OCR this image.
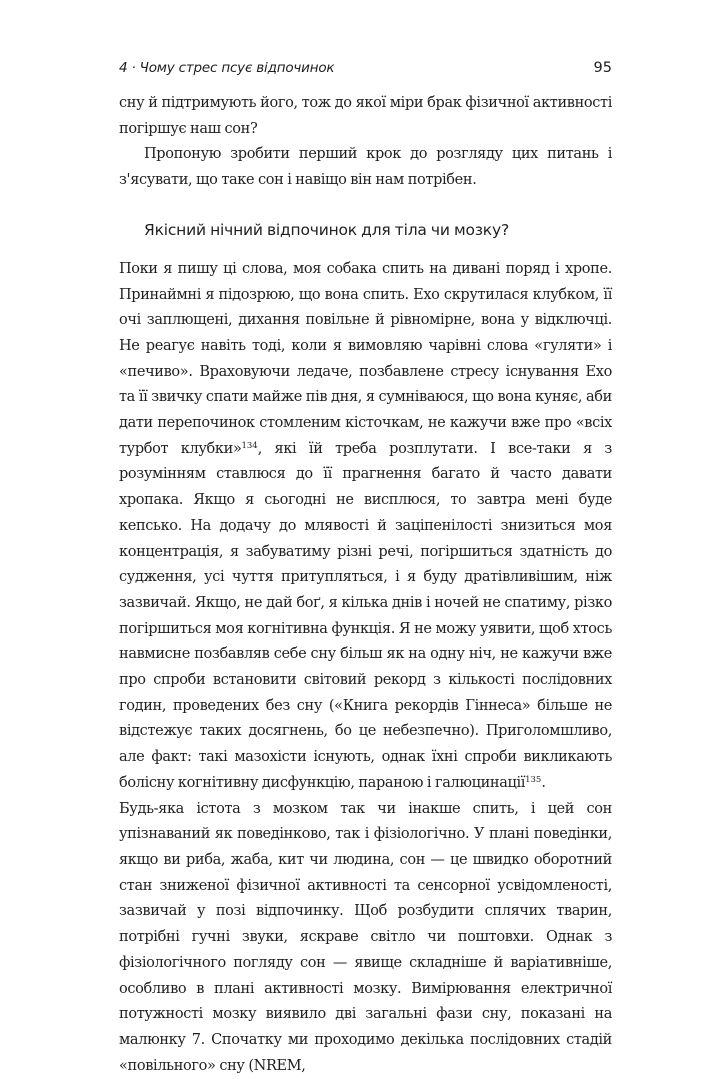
4 · Чому стрес псує відпочинок	95

сну й підтримують його, тож до якої міри брак фізичної активності погіршує наш сон?

Пропоную зробити перший крок до розгляду цих питань і з'ясувати, що таке сон і навіщо він нам потрібен.

Якісний нічний відпочинок для тіла чи мозку?

Поки я пишу ці слова, моя собака спить на дивані поряд і хропе. Принаймні я підозрюю, що вона спить. Ехо скрутилася клубком, її очі заплющені, дихання повільне й рівномірне, вона у відключці. Не реагує навіть тоді, коли я вимовляю чарівні слова «гуляти» і «печиво». Враховуючи ледаче, позбавлене стресу існування Ехо та її звичку спати майже пів дня, я сумніваюся, що вона куняє, аби дати перепочинок стомленим кісточкам, не кажучи вже про «всіх турбот клубки»$^{134}$, які їй треба розплутати. І все-таки я з розумінням ставлюся до її прагнення багато й часто давати хропака. Якщо я сьогодні не висплюся, то завтра мені буде кепсько. На додачу до млявості й заціпенілості знизиться моя концентрація, я забуватиму різні речі, погіршиться здатність до судження, усі чуття притупляться, і я буду дратівливішим, ніж зазвичай. Якщо, не дай боґ, я кілька днів і ночей не спатиму, різко погіршиться моя когнітивна функція. Я не можу уявити, щоб хтось навмисне позбавляв себе сну більш як на одну ніч, не кажучи вже про спроби встановити світовий рекорд з кількості послідовних годин, проведених без сну («Книга рекордів Гіннеса» більше не відстежує таких досягнень, бо це небезпечно). Приголомшливо, але факт: такі мазохісти існують, однак їхні спроби викликають болісну когнітивну дисфункцію, параною і галюцинації$^{135}$.

Будь-яка істота з мозком так чи інакше спить, і цей сон упізнаваний як поведінково, так і фізіологічно. У плані поведінки, якщо ви риба, жаба, кит чи людина, сон — це швидко оборотний стан зниженої фізичної активності та сенсорної усвідомленості, зазвичай у позі відпочинку. Щоб розбудити сплячих тварин, потрібні гучні звуки, яскраве світло чи поштовхи. Однак з фізіологічного погляду сон — явище складніше й варіативніше, особливо в плані активності мозку. Вимірювання електричної потужності мозку виявило дві загальні фази сну, показані на малюнку 7. Спочатку ми проходимо декілька послідовних стадій «повільного» сну (NREM,
